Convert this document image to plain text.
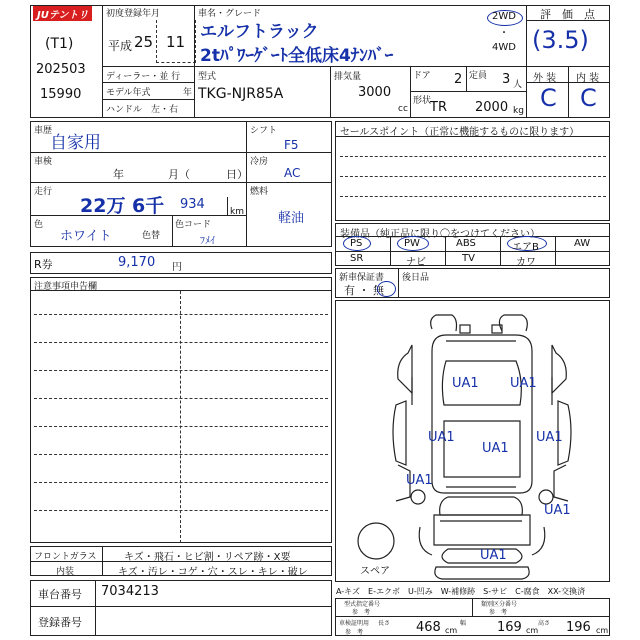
JUテントリ
(T1)
202503
15990
初度登録年月
平成 25 11
ディーラー・並 行
モデル年式	年
ハンドル　左・右
車名・グレード
エルフトラック
2tﾊﾟﾜｰｹﾞｰﾄ全低床4ﾅﾝﾊﾞｰ
2WD
・
4WD
評　価　点
(3.5)
外 装 内 装
C C
型式
TKG-NJR85A
排気量
3000
cc
ドア 2 定員 3 人
形状
TR 2000 kg
車歴
自家用
車検
年	月（	日）
走行
22万 6千 934	km
色
ホワイト	色替
色コード
ﾌﾒｲ
シフト
F5
冷房
AC
燃料
軽油
R券	9,170 円
注意事項申告欄
フロントガラス	キズ・飛石・ヒビ割・リペア跡・X要
内装	キズ・汚レ・コゲ・穴・スレ・キレ・破レ
セールスポイント（正常に機能するものに限ります）
装備品（純正品に限り〇をつけてください）
PS	PW	ABS	エアB	AW
SR	ナビ	TV	カワ
新車保証書
有 ・ 無
後日品
UA1 UA1
UA1
UA1
UA1
UA1
UA1
UA1
スペア
A-キズ　E-エクボ　U-凹み　W-補修跡　S-サビ　C-腐食　XX-交換済
車台番号 7034213
登録番号
型式指定番号
参　考
類別区分番号
参　考
車検証明用
参　考
長さ 468 cm
幅 169 cm
高さ 196 cm
